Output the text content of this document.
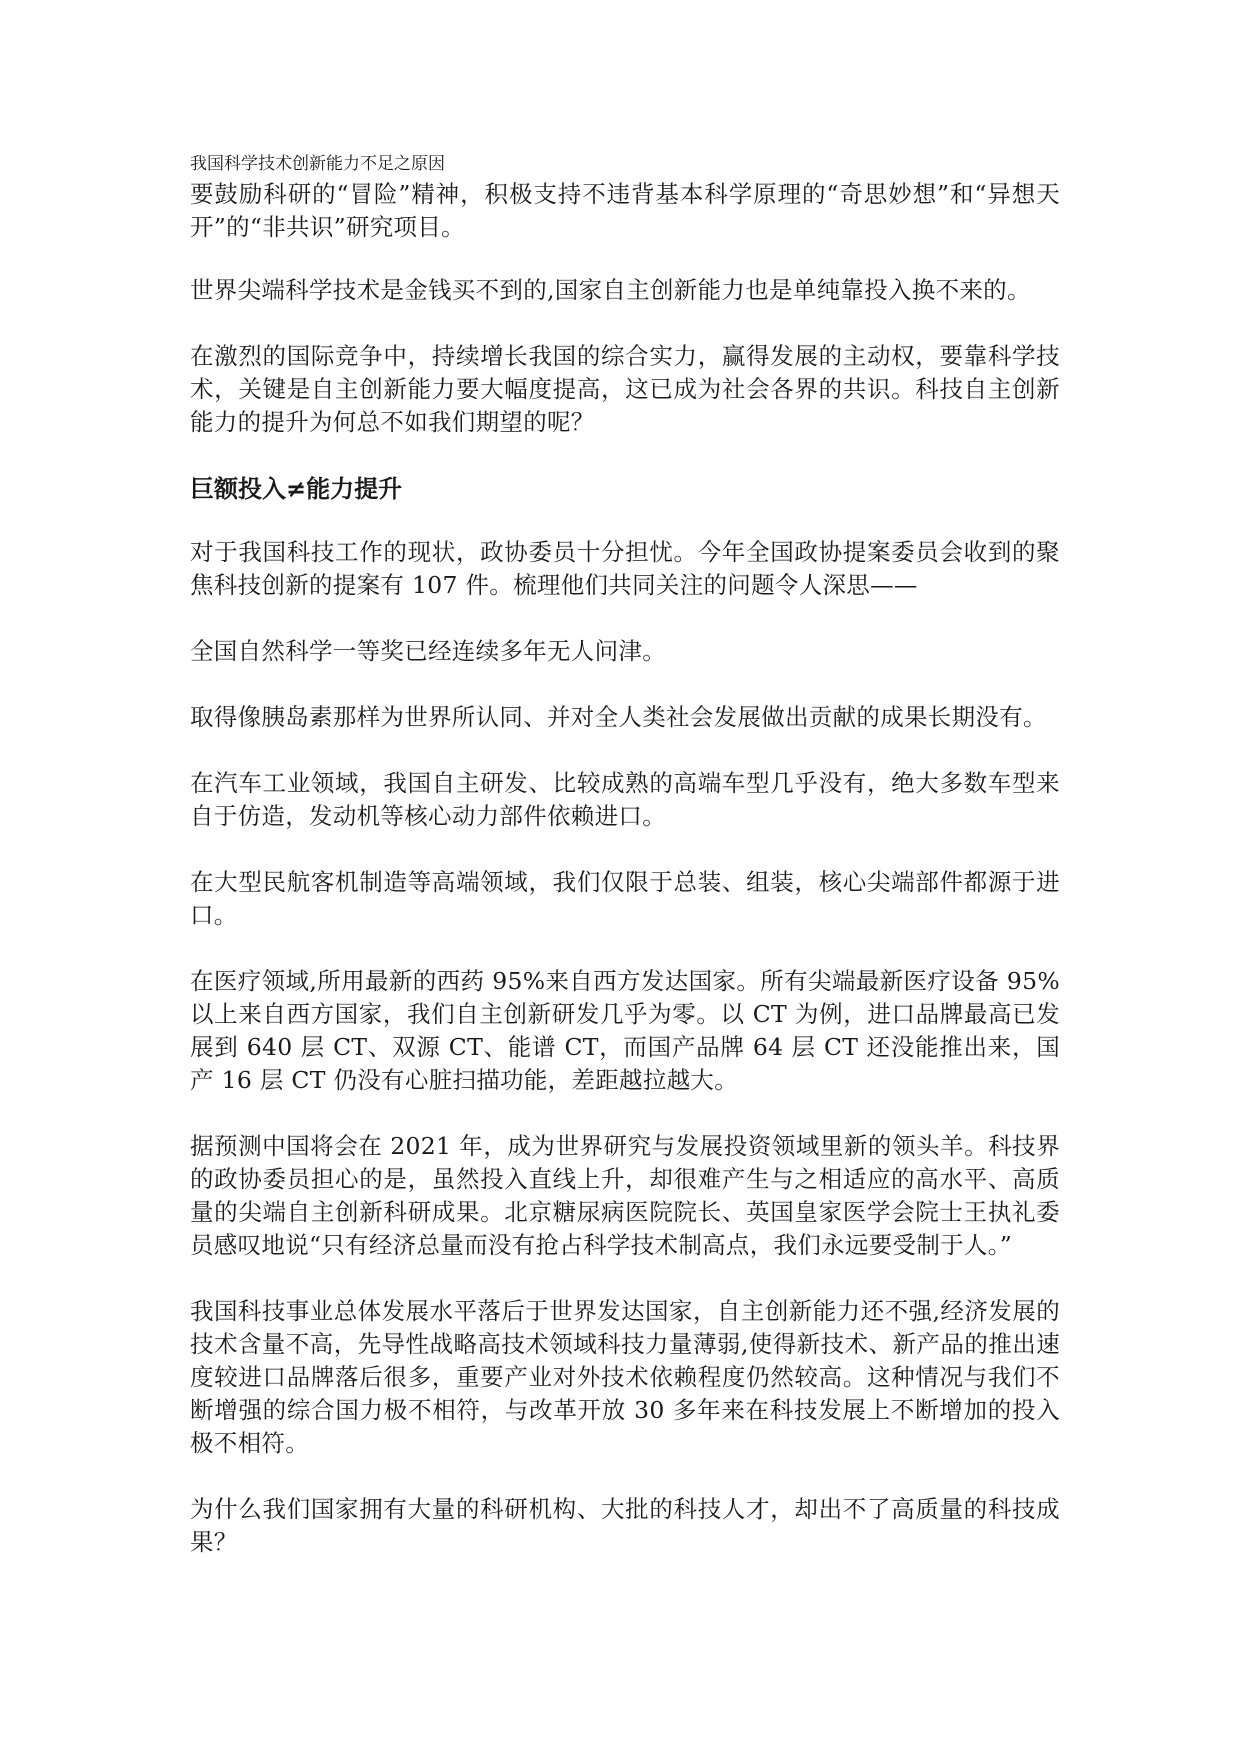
我国科学技术创新能力不足之原因

要鼓励科研的“冒险”精神，积极支持不违背基本科学原理的“奇思妙想”和“异想天开”的“非共识”研究项目。

世界尖端科学技术是金钱买不到的,国家自主创新能力也是单纯靠投入换不来的。

在激烈的国际竞争中，持续增长我国的综合实力，赢得发展的主动权，要靠科学技术，关键是自主创新能力要大幅度提高，这已成为社会各界的共识。科技自主创新能力的提升为何总不如我们期望的呢？

巨额投入≠能力提升

对于我国科技工作的现状，政协委员十分担忧。今年全国政协提案委员会收到的聚焦科技创新的提案有 107 件。梳理他们共同关注的问题令人深思——

全国自然科学一等奖已经连续多年无人问津。

取得像胰岛素那样为世界所认同、并对全人类社会发展做出贡献的成果长期没有。

在汽车工业领域，我国自主研发、比较成熟的高端车型几乎没有，绝大多数车型来自于仿造，发动机等核心动力部件依赖进口。

在大型民航客机制造等高端领域，我们仅限于总装、组装，核心尖端部件都源于进口。

在医疗领域,所用最新的西药 95%来自西方发达国家。所有尖端最新医疗设备 95%以上来自西方国家，我们自主创新研发几乎为零。以 CT 为例，进口品牌最高已发展到 640 层 CT、双源 CT、能谱 CT，而国产品牌 64 层 CT 还没能推出来，国产 16 层 CT 仍没有心脏扫描功能，差距越拉越大。

据预测中国将会在 2021 年，成为世界研究与发展投资领域里新的领头羊。科技界的政协委员担心的是，虽然投入直线上升，却很难产生与之相适应的高水平、高质量的尖端自主创新科研成果。北京糖尿病医院院长、英国皇家医学会院士王执礼委员感叹地说“只有经济总量而没有抢占科学技术制高点，我们永远要受制于人。”

我国科技事业总体发展水平落后于世界发达国家，自主创新能力还不强,经济发展的技术含量不高，先导性战略高技术领域科技力量薄弱,使得新技术、新产品的推出速度较进口品牌落后很多，重要产业对外技术依赖程度仍然较高。这种情况与我们不断增强的综合国力极不相符，与改革开放 30 多年来在科技发展上不断增加的投入极不相符。

为什么我们国家拥有大量的科研机构、大批的科技人才，却出不了高质量的科技成果？
